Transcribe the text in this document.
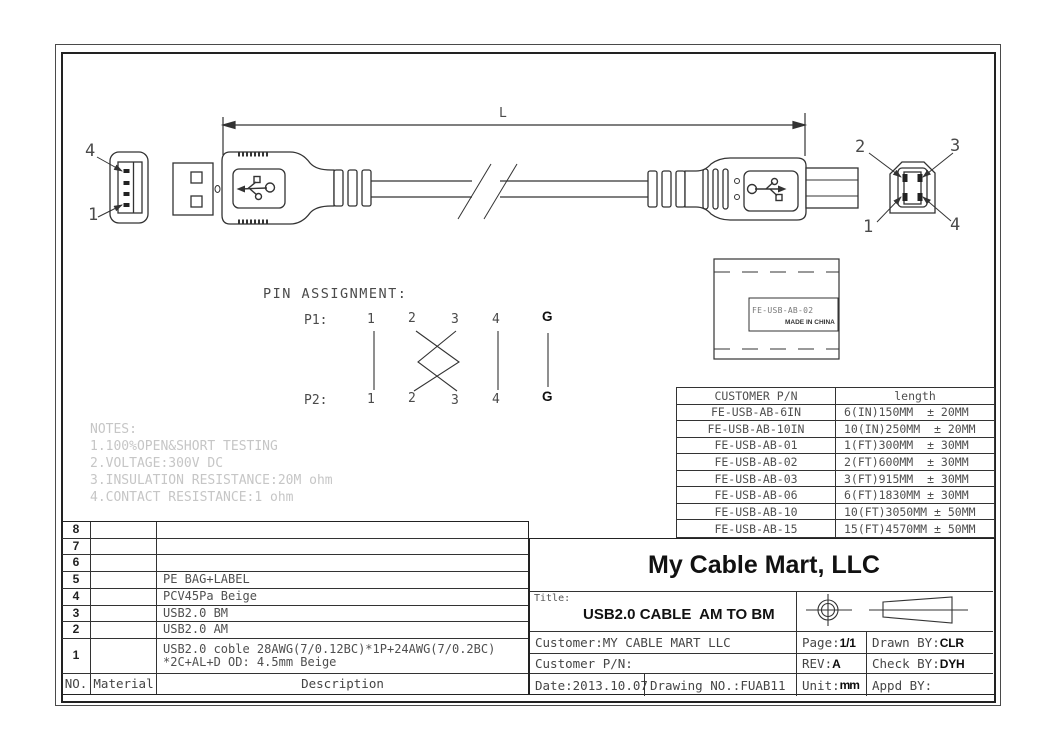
L
4
1
2	3
1	4
FE-USB-AB-02
MADE IN CHINA
PIN ASSIGNMENT:
P1:
P2:
1	2	3	4	G
1	2	3	4	G
NOTES:
1.100%OPEN&SHORT TESTING
2.VOLTAGE:300V DC
3.INSULATION RESISTANCE:20M ohm
4.CONTACT RESISTANCE:1 ohm
CUSTOMER P/N	length
FE-USB-AB-6IN	6(IN)150MM  ± 20MM
FE-USB-AB-10IN	10(IN)250MM  ± 20MM
FE-USB-AB-01	1(FT)300MM  ± 30MM
FE-USB-AB-02	2(FT)600MM  ± 30MM
FE-USB-AB-03	3(FT)915MM  ± 30MM
FE-USB-AB-06	6(FT)1830MM ± 30MM
FE-USB-AB-10	10(FT)3050MM ± 50MM
FE-USB-AB-15	15(FT)4570MM ± 50MM
8
7
6
5	PE BAG+LABEL
4	PCV45Pa Beige
3	USB2.0 BM
2	USB2.0 AM
1	USB2.0 coble 28AWG(7/0.12BC)*1P+24AWG(7/0.2BC) *2C+AL+D OD: 4.5mm Beige
NO. Material	Description
My Cable Mart, LLC
USB2.0 CABLE  AM TO BM
Title:
Customer: MY CABLE MART LLC	Page: 1/1 Drawn BY: CLR
Customer P/N:	REV: A	Check BY: DYH
Date: 2013.10.07 Drawing NO.: FUAB11 Unit: mm Appd BY:
